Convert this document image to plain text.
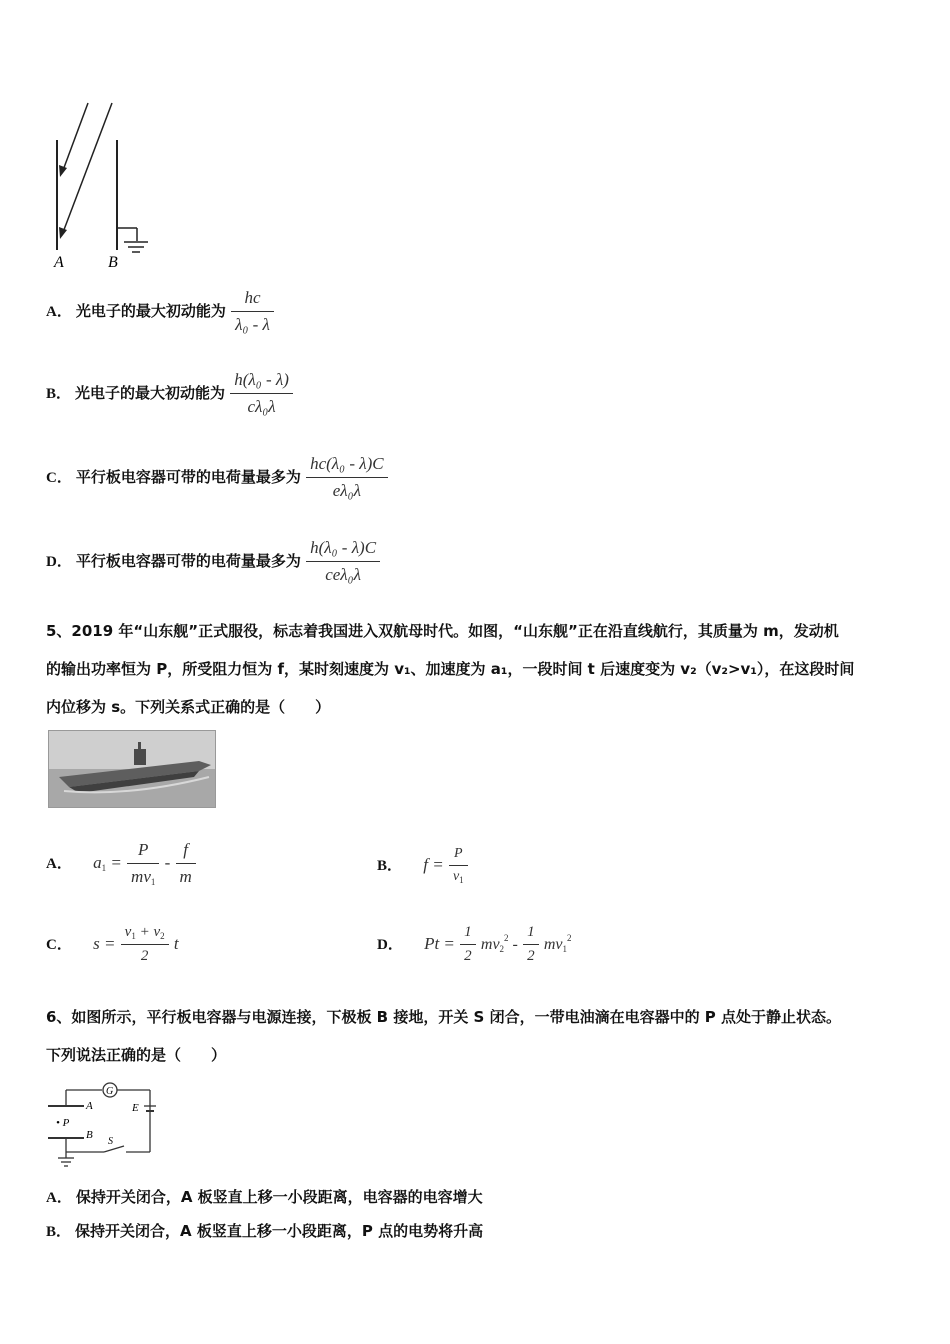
A	B
A． 光电子的最大初动能为 $\frac{hc}{\text{λ₀ - λ}}$
B． 光电子的最大初动能为 $\frac{\text{h(λ₀ - λ)}}{\text{cλ₀λ}}$
C． 平行板电容器可带的电荷量最多为 $\frac{\text{hc(λ₀ - λ)C}}{\text{eλ₀λ}}$
D． 平行板电容器可带的电荷量最多为 $\frac{\text{h(λ₀ - λ)C}}{\text{ceλ₀λ}}$
5、2019 年“山东舰”正式服役，标志着我国进入双航母时代。如图，“山东舰”正在沿直线航行，其质量为 m，发动机
的输出功率恒为 P，所受阻力恒为 f，某时刻速度为 v₁、加速度为 a₁，一段时间 t 后速度变为 v₂（v₂>v₁），在这段时间
内位移为 s。下列关系式正确的是（　　）
A． $a_1 = \frac{P}{mv_1} - \frac{f}{m}$	B． $f = \frac{P}{v_1}$
C． $s = \frac{v_1 + v_2}{2}$ t	D． $Pt = \frac{1}{2} mv_2^2 - \frac{1}{2} mv_1^2$
6、如图所示，平行板电容器与电源连接，下极板 B 接地，开关 S 闭合，一带电油滴在电容器中的 P 点处于静止状态。
下列说法正确的是（　　）
G
A
• P
B
S
E
A． 保持开关闭合，A 板竖直上移一小段距离，电容器的电容增大
B． 保持开关闭合，A 板竖直上移一小段距离，P 点的电势将升高
